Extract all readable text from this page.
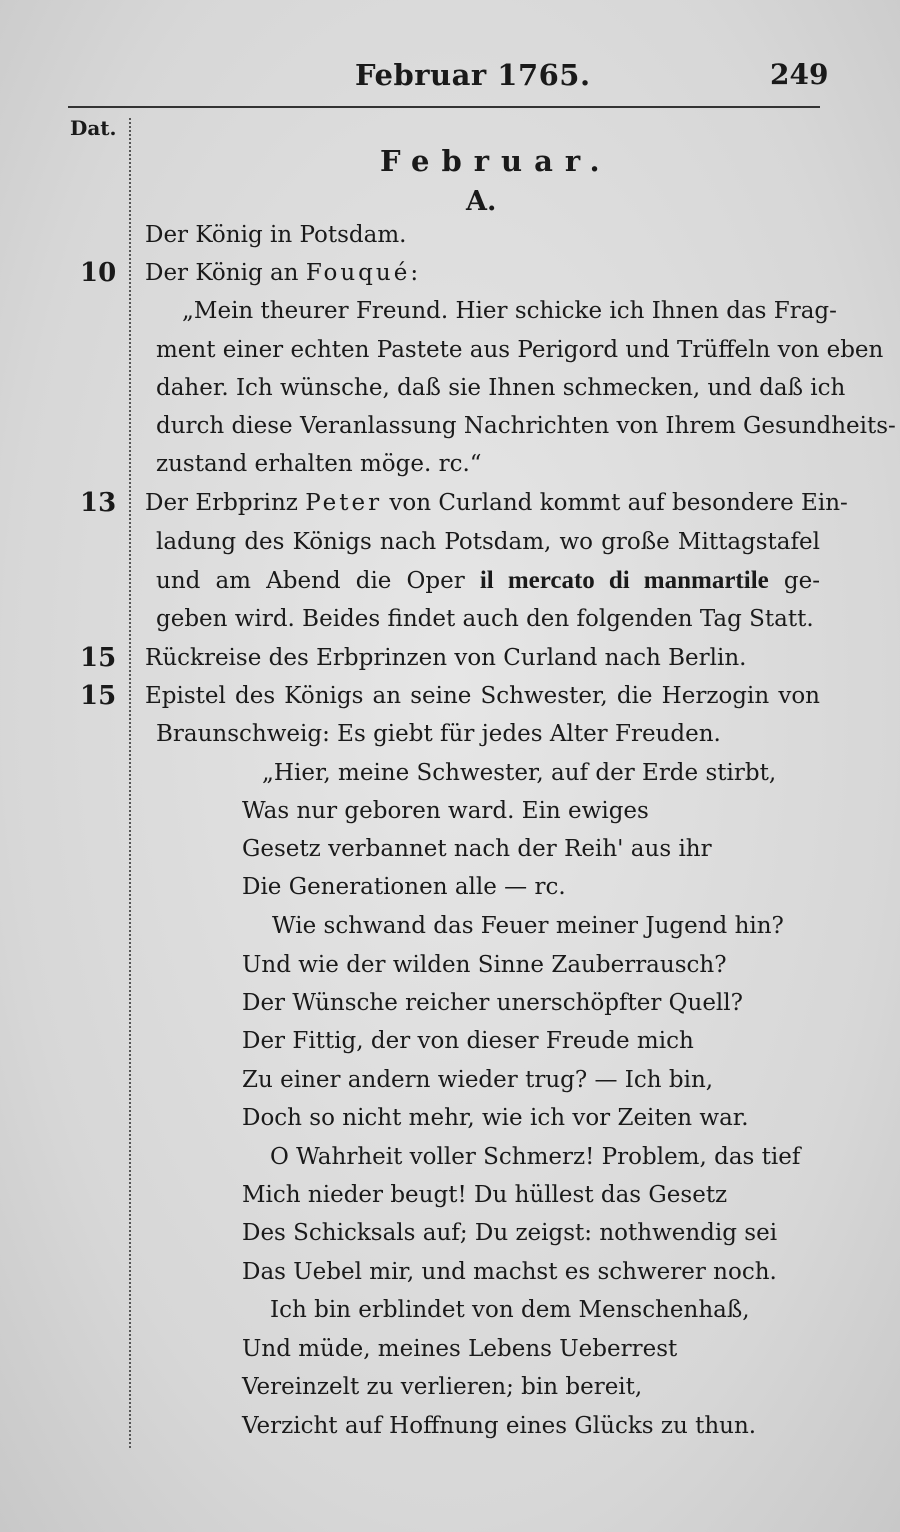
Februar 1765.	249
Dat.
Februar.
A.
Der König in Potsdam.
10 Der König an Fouqué:
„Mein theurer Freund. Hier schicke ich Ihnen das Frag-
ment einer echten Pastete aus Perigord und Trüffeln von eben
daher. Ich wünsche, daß sie Ihnen schmecken, und daß ich
durch diese Veranlassung Nachrichten von Ihrem Gesundheits-
zustand erhalten möge. rc.“
13 Der Erbprinz Peter von Curland kommt auf besondere Ein-
ladung des Königs nach Potsdam, wo große Mittagstafel
und am Abend die Oper il mercato di manmartile ge-
geben wird. Beides findet auch den folgenden Tag Statt.
15 Rückreise des Erbprinzen von Curland nach Berlin.
15 Epistel des Königs an seine Schwester, die Herzogin von
Braunschweig: Es giebt für jedes Alter Freuden.
„Hier, meine Schwester, auf der Erde stirbt,
Was nur geboren ward. Ein ewiges
Gesetz verbannet nach der Reih' aus ihr
Die Generationen alle — rc.
Wie schwand das Feuer meiner Jugend hin?
Und wie der wilden Sinne Zauberrausch?
Der Wünsche reicher unerschöpfter Quell?
Der Fittig, der von dieser Freude mich
Zu einer andern wieder trug? — Ich bin,
Doch so nicht mehr, wie ich vor Zeiten war.
O Wahrheit voller Schmerz! Problem, das tief
Mich nieder beugt! Du hüllest das Gesetz
Des Schicksals auf; Du zeigst: nothwendig sei
Das Uebel mir, und machst es schwerer noch.
Ich bin erblindet von dem Menschenhaß,
Und müde, meines Lebens Ueberrest
Vereinzelt zu verlieren; bin bereit,
Verzicht auf Hoffnung eines Glücks zu thun.
